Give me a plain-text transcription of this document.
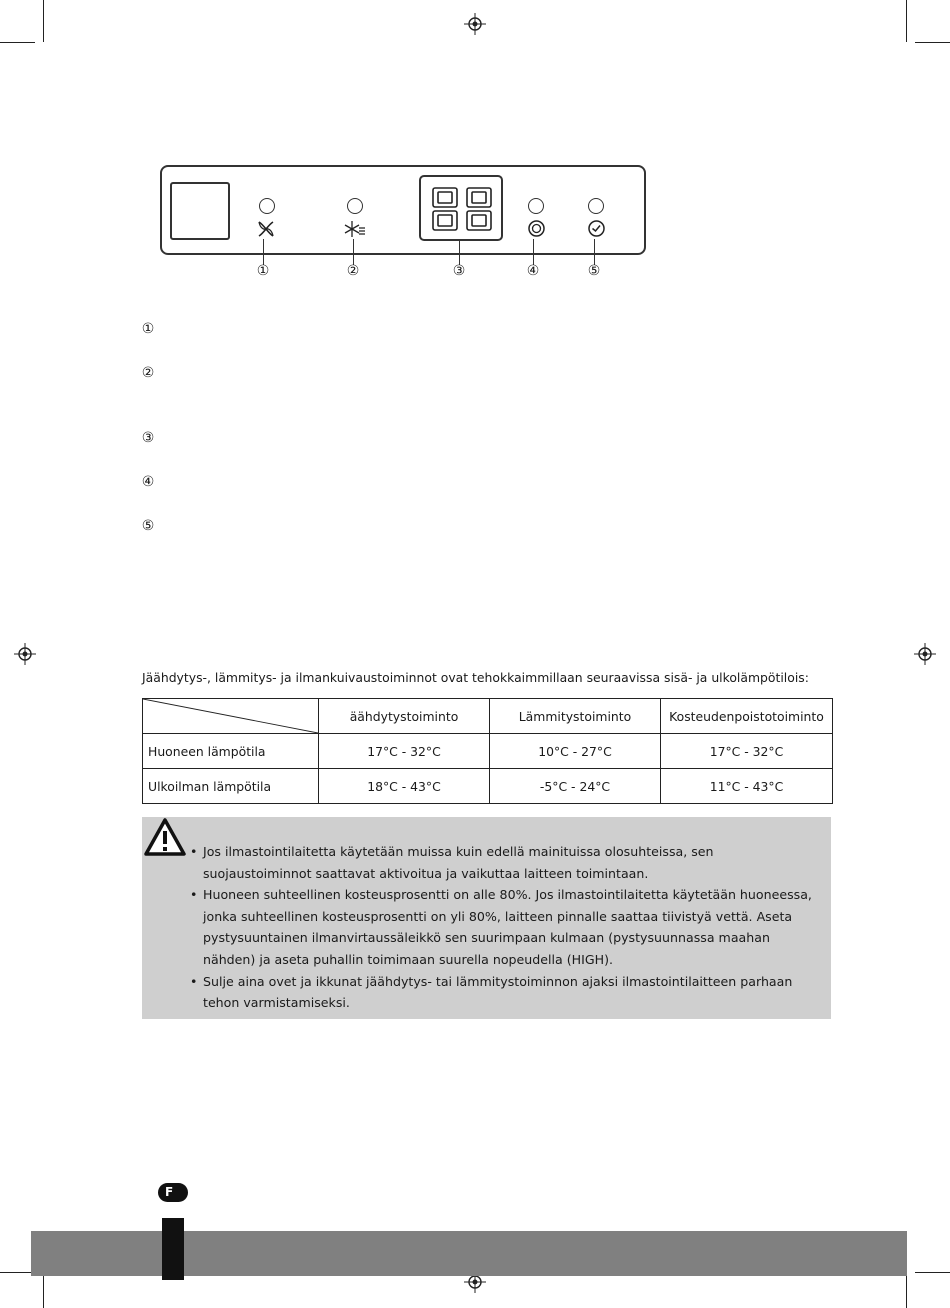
①	②	③	④	⑤
①
②
③
④
⑤
Jäähdytys-, lämmitys- ja ilmankuivaustoiminnot ovat tehokkaimmillaan seuraavissa sisä- ja ulkolämpötilois:
	äähdytystoiminto	Lämmitystoiminto	Kosteudenpoistotoiminto
Huoneen lämpötila	17°C - 32°C	10°C - 27°C	17°C - 32°C
Ulkoilman lämpötila	18°C - 43°C	-5°C - 24°C	11°C - 43°C
• Jos ilmastointilaitetta käytetään muissa kuin edellä mainituissa olosuhteissa, sen suojaustoiminnot saattavat aktivoitua ja vaikuttaa laitteen toimintaan.
• Huoneen suhteellinen kosteusprosentti on alle 80%. Jos ilmastointilaitetta käytetään huoneessa, jonka suhteellinen kosteusprosentti on yli 80%, laitteen pinnalle saattaa tiivistyä vettä. Aseta pystysuuntainen ilmanvirtaussäleikkö sen suurimpaan kulmaan (pystysuunnassa maahan nähden) ja aseta puhallin toimimaan suurella nopeudella (HIGH).
• Sulje aina ovet ja ikkunat jäähdytys- tai lämmitystoiminnon ajaksi ilmastointilaitteen parhaan tehon varmistamiseksi.
F
